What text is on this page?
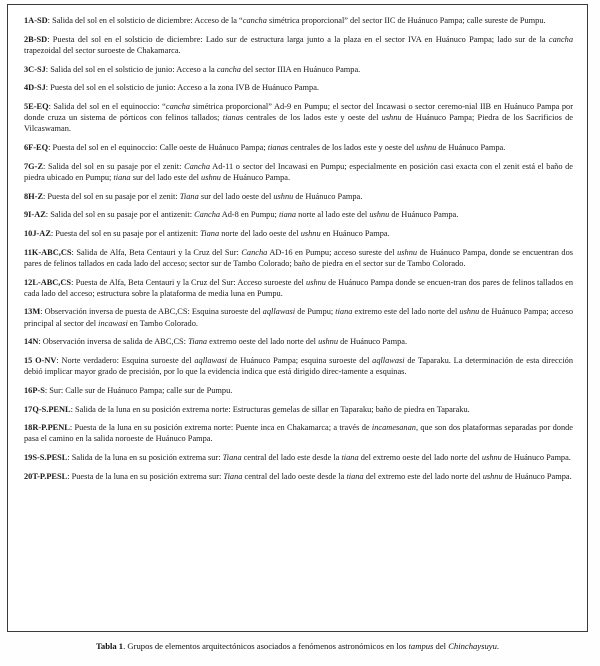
1A-SD: Salida del sol en el solsticio de diciembre: Acceso de la “cancha simétrica proporcional” del sector IIC de Huánuco Pampa; calle sureste de Pumpu.

2B-SD: Puesta del sol en el solsticio de diciembre: Lado sur de estructura larga junto a la plaza en el sector IVA en Huánuco Pampa; lado sur de la cancha trapezoidal del sector suroeste de Chakamarca.

3C-SJ: Salida del sol en el solsticio de junio: Acceso a la cancha del sector IIIA en Huánuco Pampa.

4D-SJ: Puesta del sol en el solsticio de junio: Acceso a la zona IVB de Huánuco Pampa.

5E-EQ: Salida del sol en el equinoccio: “cancha simétrica proporcional” Ad-9 en Pumpu; el sector del Incawasi o sector ceremo-nial IIB en Huánuco Pampa por donde cruza un sistema de pórticos con felinos tallados; tianas centrales de los lados este y oeste del ushnu de Huánuco Pampa; Piedra de los Sacrificios de Vilcaswaman.

6F-EQ: Puesta del sol en el equinoccio: Calle oeste de Huánuco Pampa; tianas centrales de los lados este y oeste del ushnu de Huánuco Pampa.

7G-Z: Salida del sol en su pasaje por el zenit: Cancha Ad-11 o sector del Incawasi en Pumpu; especialmente en posición casi exacta con el zenit está el baño de piedra ubicado en Pumpu; tiana sur del lado este del ushnu de Huánuco Pampa.

8H-Z: Puesta del sol en su pasaje por el zenit: Tiana sur del lado oeste del ushnu de Huánuco Pampa.

9I-AZ: Salida del sol en su pasaje por el antizenit: Cancha Ad-8 en Pumpu; tiana norte al lado este del ushnu de Huánuco Pampa.

10J-AZ: Puesta del sol en su pasaje por el antizenit: Tiana norte del lado oeste del ushnu en Huánuco Pampa.

11K-ABC,CS: Salida de Alfa, Beta Centauri y la Cruz del Sur: Cancha AD-16 en Pumpu; acceso sureste del ushnu de Huánuco Pampa, donde se encuentran dos pares de felinos tallados en cada lado del acceso; sector sur de Tambo Colorado; baño de piedra en el sector sur de Tambo Colorado.

12L-ABC,CS: Puesta de Alfa, Beta Centauri y la Cruz del Sur: Acceso suroeste del ushnu de Huánuco Pampa donde se encuen-tran dos pares de felinos tallados en cada lado del acceso; estructura sobre la plataforma de media luna en Pumpu.

13M: Observación inversa de puesta de ABC,CS: Esquina suroeste del aqllawasi de Pumpu; tiana extremo este del lado norte del ushnu de Huánuco Pampa; acceso principal al sector del incawasi en Tambo Colorado.

14N: Observación inversa de salida de ABC,CS: Tiana extremo oeste del lado norte del ushnu de Huánuco Pampa.

15 O-NV: Norte verdadero: Esquina suroeste del aqllawasi de Huánuco Pampa; esquina suroeste del aqllawasi de Taparaku. La determinación de esta dirección debió implicar mayor grado de precisión, por lo que la evidencia indica que está dirigido direc-tamente a esquinas.

16P-S: Sur: Calle sur de Huánuco Pampa; calle sur de Pumpu.

17Q-S.PENL: Salida de la luna en su posición extrema norte: Estructuras gemelas de sillar en Taparaku; baño de piedra en Taparaku.

18R-P.PENL: Puesta de la luna en su posición extrema norte: Puente inca en Chakamarca; a través de incamesanan, que son dos plataformas separadas por donde pasa el camino en la salida noroeste de Huánuco Pampa.

19S-S.PESL: Salida de la luna en su posición extrema sur: Tiana central del lado este desde la tiana del extremo oeste del lado norte del ushnu de Huánuco Pampa.

20T-P.PESL: Puesta de la luna en su posición extrema sur: Tiana central del lado oeste desde la tiana del extremo este del lado norte del ushnu de Huánuco Pampa.

Tabla 1. Grupos de elementos arquitectónicos asociados a fenómenos astronómicos en los tampus del Chinchaysuyu.
